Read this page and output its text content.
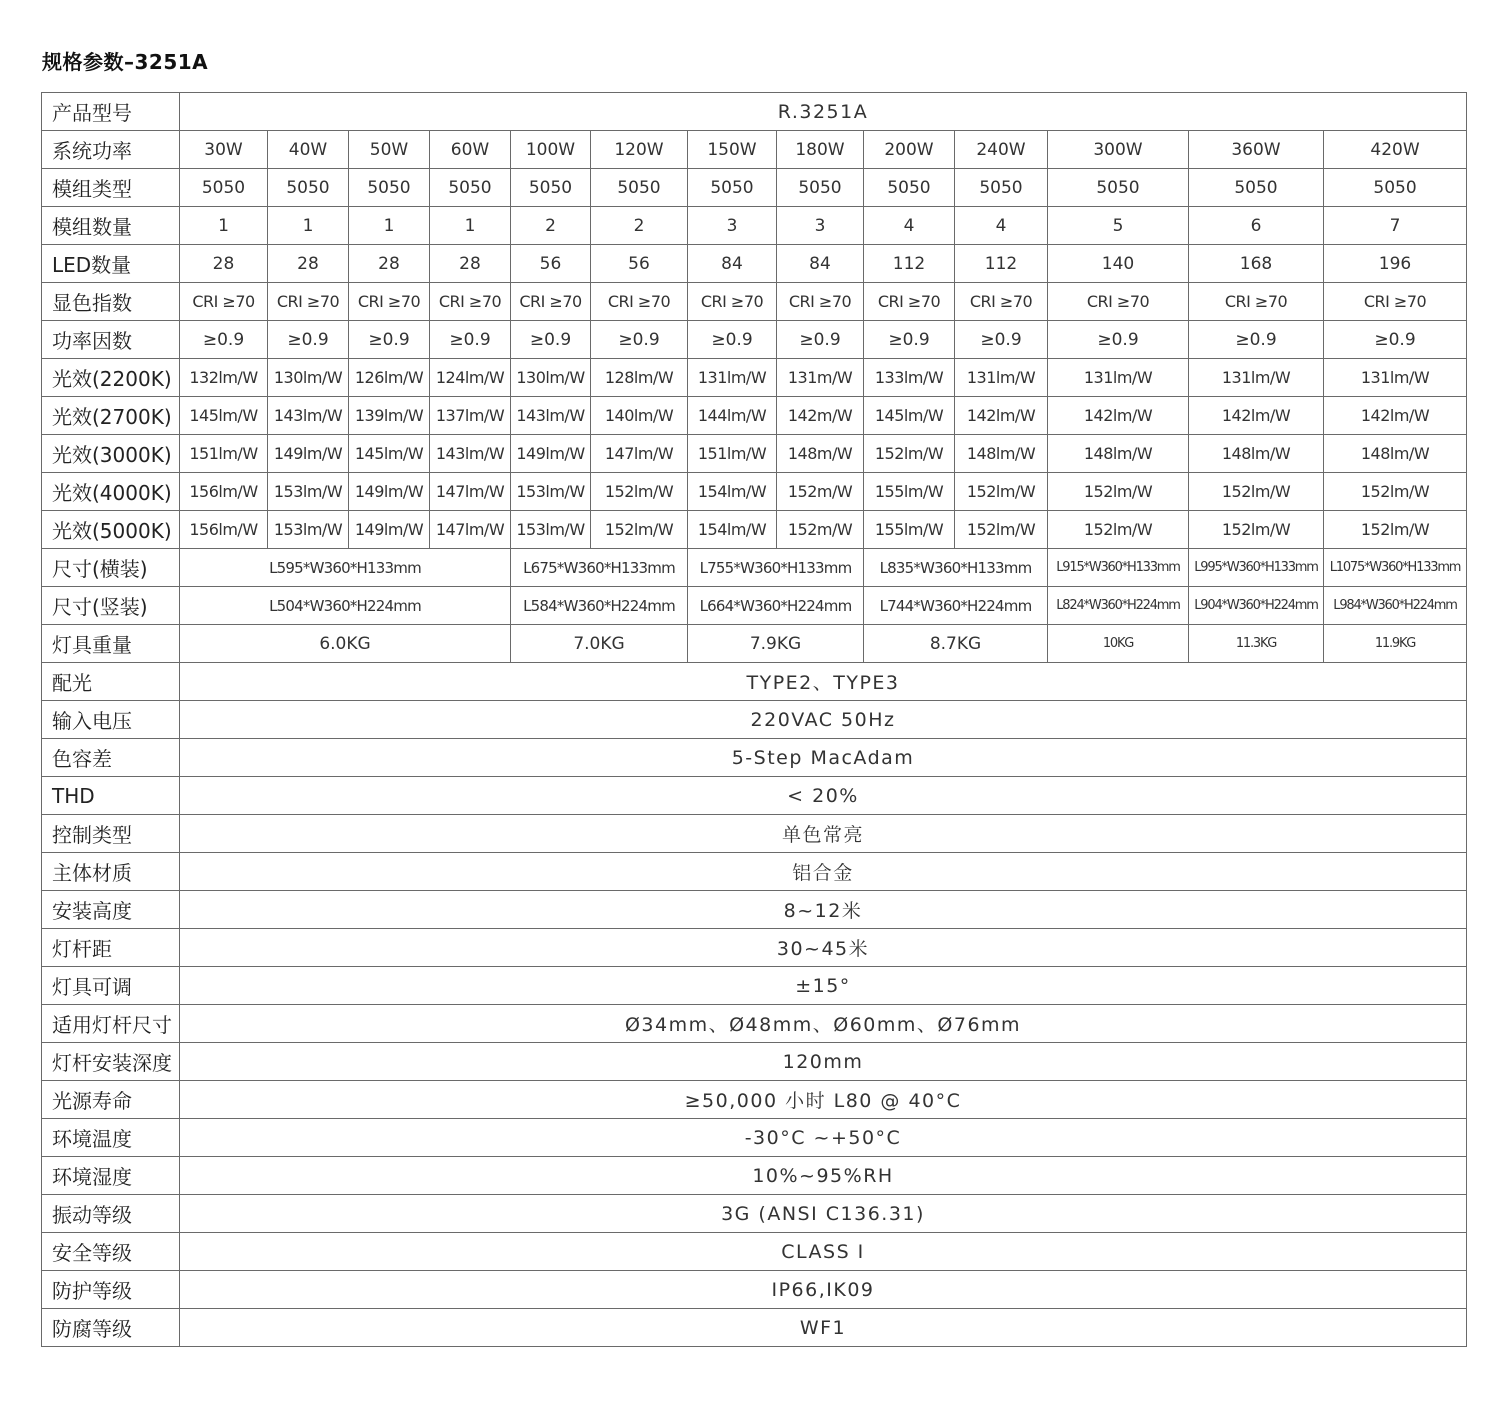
规格参数–3251A
产品型号	R.3251A												
系统功率	30W	40W	50W	60W	100W	120W	150W	180W	200W	240W	300W	360W	420W
模组类型	5050	5050	5050	5050	5050	5050	5050	5050	5050	5050	5050	5050	5050
模组数量	1	1	1	1	2	2	3	3	4	4	5	6	7
LED数量	28	28	28	28	56	56	84	84	112	112	140	168	196
显色指数	CRI ≥70	CRI ≥70	CRI ≥70	CRI ≥70	CRI ≥70	CRI ≥70	CRI ≥70	CRI ≥70	CRI ≥70	CRI ≥70	CRI ≥70	CRI ≥70	CRI ≥70
功率因数	≥0.9	≥0.9	≥0.9	≥0.9	≥0.9	≥0.9	≥0.9	≥0.9	≥0.9	≥0.9	≥0.9	≥0.9	≥0.9
光效(2200K)	132lm/W	130lm/W	126lm/W	124lm/W	130lm/W	128lm/W	131lm/W	131m/W	133lm/W	131lm/W	131lm/W	131lm/W	131lm/W
光效(2700K)	145lm/W	143lm/W	139lm/W	137lm/W	143lm/W	140lm/W	144lm/W	142m/W	145lm/W	142lm/W	142lm/W	142lm/W	142lm/W
光效(3000K)	151lm/W	149lm/W	145lm/W	143lm/W	149lm/W	147lm/W	151lm/W	148m/W	152lm/W	148lm/W	148lm/W	148lm/W	148lm/W
光效(4000K)	156lm/W	153lm/W	149lm/W	147lm/W	153lm/W	152lm/W	154lm/W	152m/W	155lm/W	152lm/W	152lm/W	152lm/W	152lm/W
光效(5000K)	156lm/W	153lm/W	149lm/W	147lm/W	153lm/W	152lm/W	154lm/W	152m/W	155lm/W	152lm/W	152lm/W	152lm/W	152lm/W
尺寸(横装)	L595*W360*H133mm				L675*W360*H133mm		L755*W360*H133mm		L835*W360*H133mm		L915*W360*H133mm	L995*W360*H133mm	L1075*W360*H133mm
尺寸(竖装)	L504*W360*H224mm				L584*W360*H224mm		L664*W360*H224mm		L744*W360*H224mm		L824*W360*H224mm	L904*W360*H224mm	L984*W360*H224mm
灯具重量	6.0KG				7.0KG		7.9KG		8.7KG		10KG	11.3KG	11.9KG
配光	TYPE2、TYPE3												
输入电压	220VAC 50Hz												
色容差	5-Step MacAdam												
THD	< 20%												
控制类型	单色常亮												
主体材质	铝合金												
安装高度	8~12米												
灯杆距	30~45米												
灯具可调	±15°												
适用灯杆尺寸	Ø34mm、Ø48mm、Ø60mm、Ø76mm												
灯杆安装深度	120mm												
光源寿命	≥50,000 小时 L80 @ 40°C												
环境温度	-30°C ~+50°C												
环境湿度	10%~95%RH												
振动等级	3G (ANSI C136.31)												
安全等级	CLASS I												
防护等级	IP66,IK09												
防腐等级	WF1												
